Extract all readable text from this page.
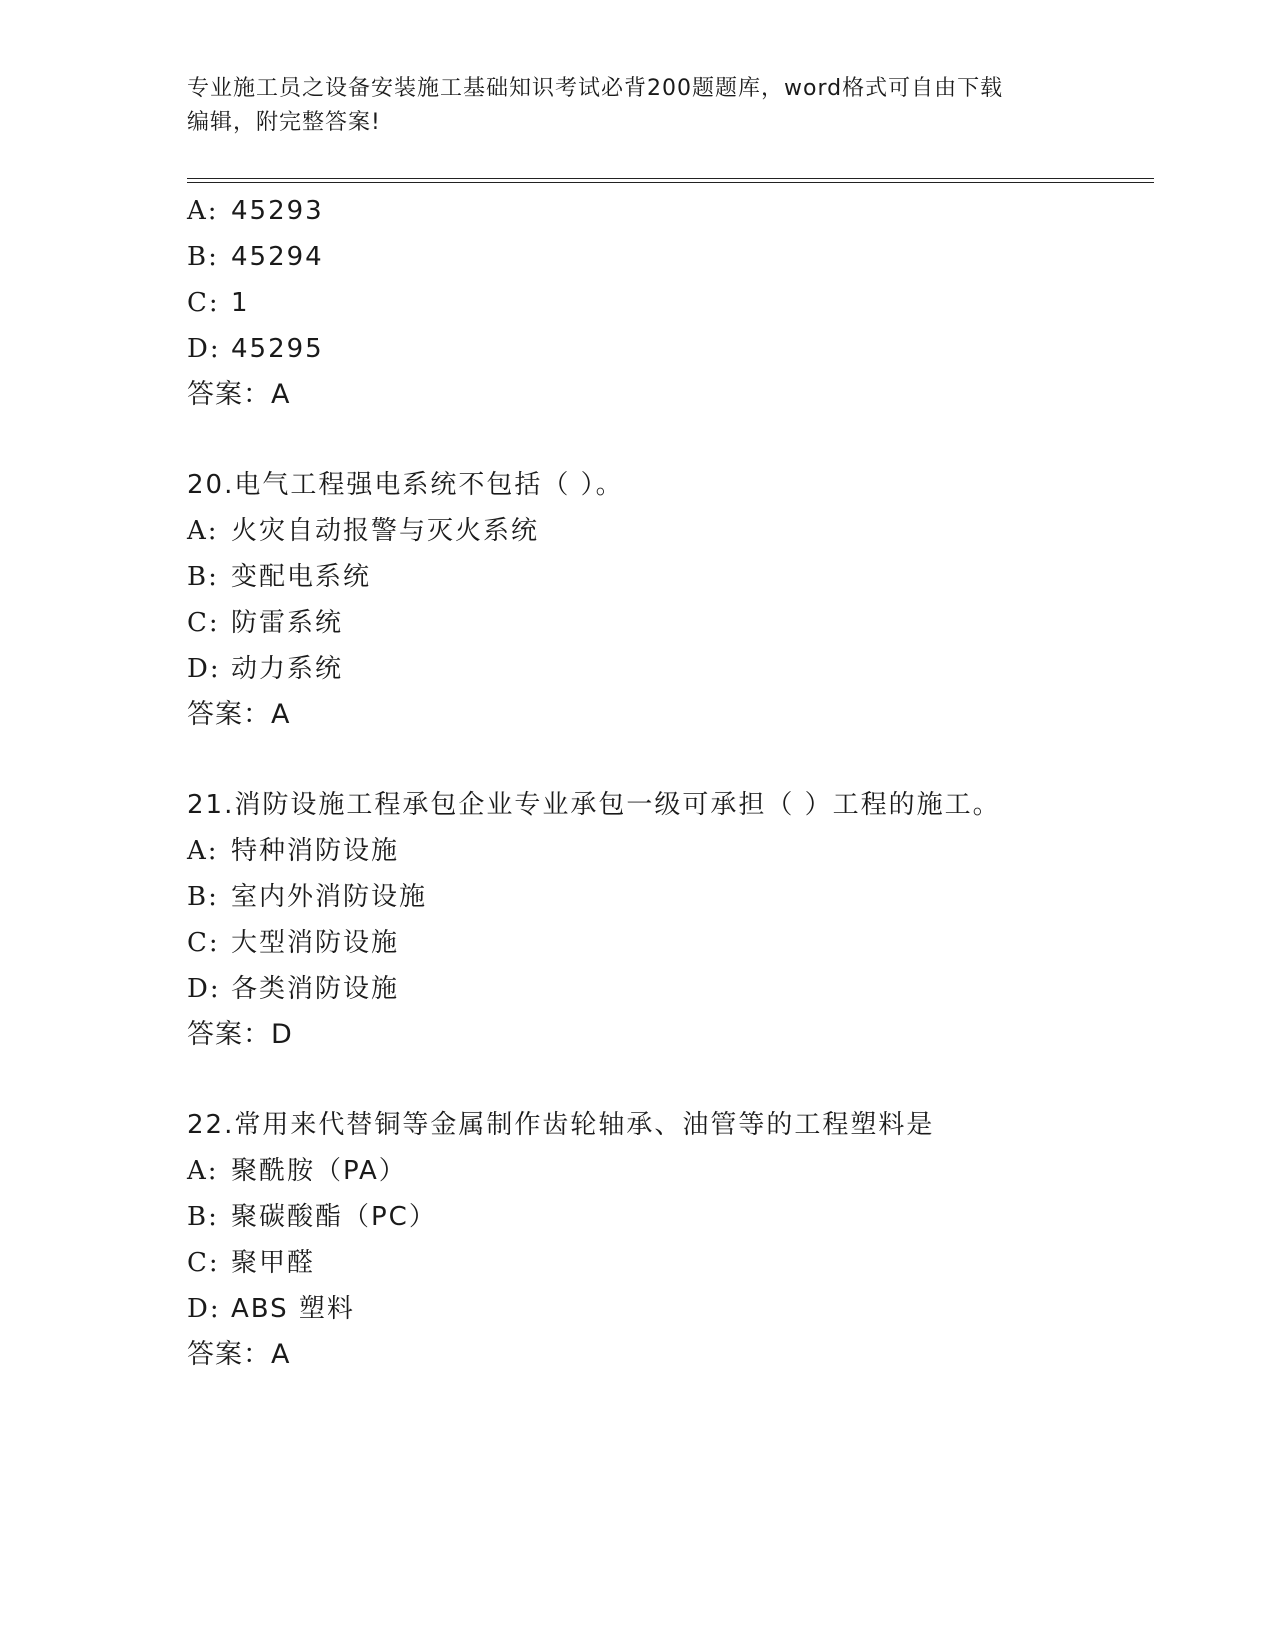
专业施工员之设备安装施工基础知识考试必背200题题库，word格式可自由下载
编辑，附完整答案!
A: 45293
B: 45294
C: 1
D: 45295
答案：A
20.电气工程强电系统不包括（ ）。
A: 火灾自动报警与灭火系统
B: 变配电系统
C: 防雷系统
D: 动力系统
答案：A
21.消防设施工程承包企业专业承包一级可承担（ ）工程的施工。
A: 特种消防设施
B: 室内外消防设施
C: 大型消防设施
D: 各类消防设施
答案：D
22.常用来代替铜等金属制作齿轮轴承、油管等的工程塑料是
A: 聚酰胺（PA）
B: 聚碳酸酯（PC）
C: 聚甲醛
D: ABS 塑料
答案：A
